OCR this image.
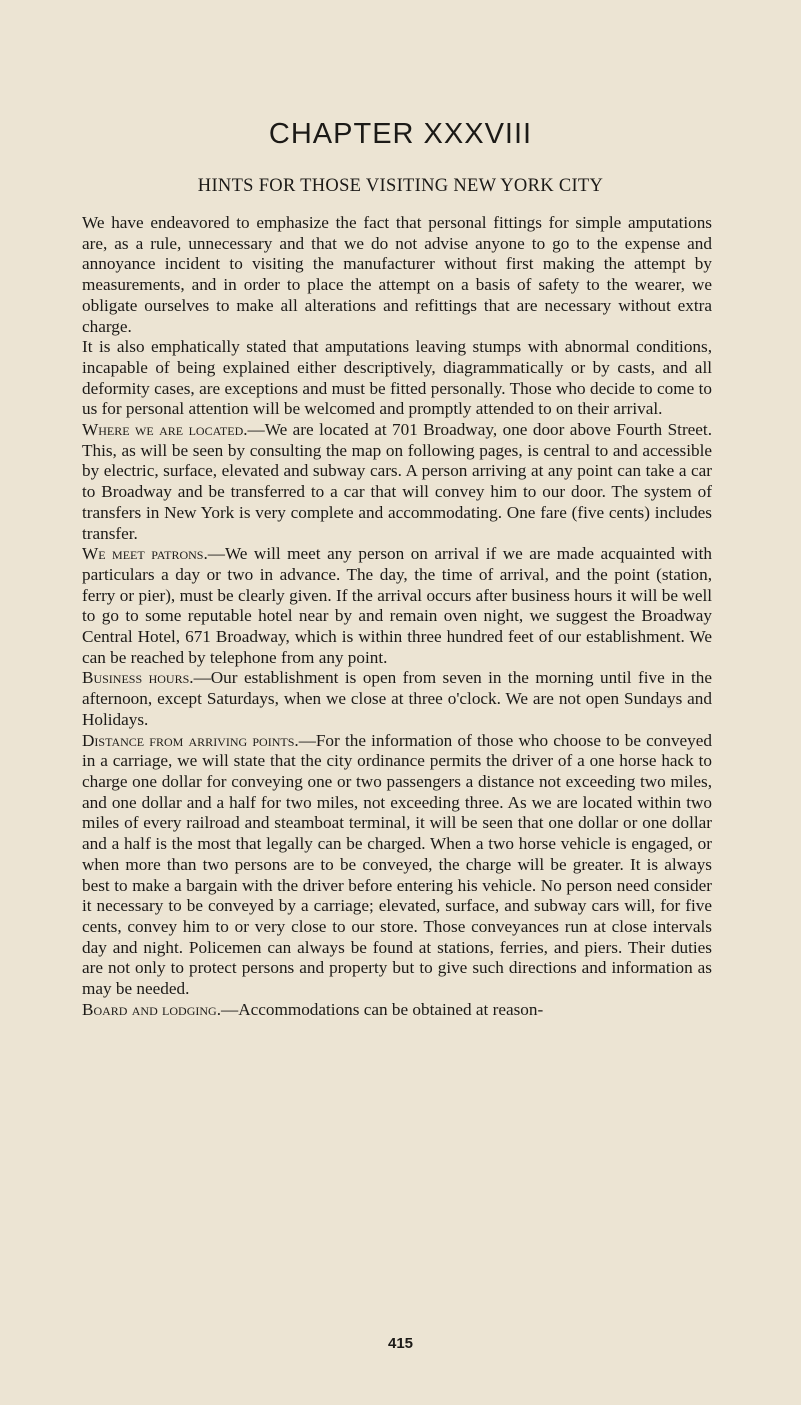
CHAPTER XXXVIII
HINTS FOR THOSE VISITING NEW YORK CITY

We have endeavored to emphasize the fact that personal fittings for simple amputations are, as a rule, unnecessary and that we do not advise anyone to go to the expense and annoyance incident to visiting the manufacturer without first making the attempt by measurements, and in order to place the attempt on a basis of safety to the wearer, we obligate ourselves to make all alterations and refittings that are necessary without extra charge.

It is also emphatically stated that amputations leaving stumps with abnormal conditions, incapable of being explained either descriptively, diagrammatically or by casts, and all deformity cases, are exceptions and must be fitted personally. Those who decide to come to us for personal attention will be welcomed and promptly attended to on their arrival.

Where we are located.—We are located at 701 Broadway, one door above Fourth Street. This, as will be seen by consulting the map on following pages, is central to and accessible by electric, surface, elevated and subway cars. A person arriving at any point can take a car to Broadway and be transferred to a car that will convey him to our door. The system of transfers in New York is very complete and accommodating. One fare (five cents) includes transfer.

We meet patrons.—We will meet any person on arrival if we are made acquainted with particulars a day or two in advance. The day, the time of arrival, and the point (station, ferry or pier), must be clearly given. If the arrival occurs after business hours it will be well to go to some reputable hotel near by and remain oven night, we suggest the Broadway Central Hotel, 671 Broadway, which is within three hundred feet of our establishment. We can be reached by telephone from any point.

Business hours.—Our establishment is open from seven in the morning until five in the afternoon, except Saturdays, when we close at three o'clock. We are not open Sundays and Holidays.

Distance from arriving points.—For the information of those who choose to be conveyed in a carriage, we will state that the city ordinance permits the driver of a one horse hack to charge one dollar for conveying one or two passengers a distance not exceeding two miles, and one dollar and a half for two miles, not exceeding three. As we are located within two miles of every railroad and steamboat terminal, it will be seen that one dollar or one dollar and a half is the most that legally can be charged. When a two horse vehicle is engaged, or when more than two persons are to be conveyed, the charge will be greater. It is always best to make a bargain with the driver before entering his vehicle. No person need consider it necessary to be conveyed by a carriage; elevated, surface, and subway cars will, for five cents, convey him to or very close to our store. Those conveyances run at close intervals day and night. Policemen can always be found at stations, ferries, and piers. Their duties are not only to protect persons and property but to give such directions and information as may be needed.

Board and lodging.—Accommodations can be obtained at reason-

415
